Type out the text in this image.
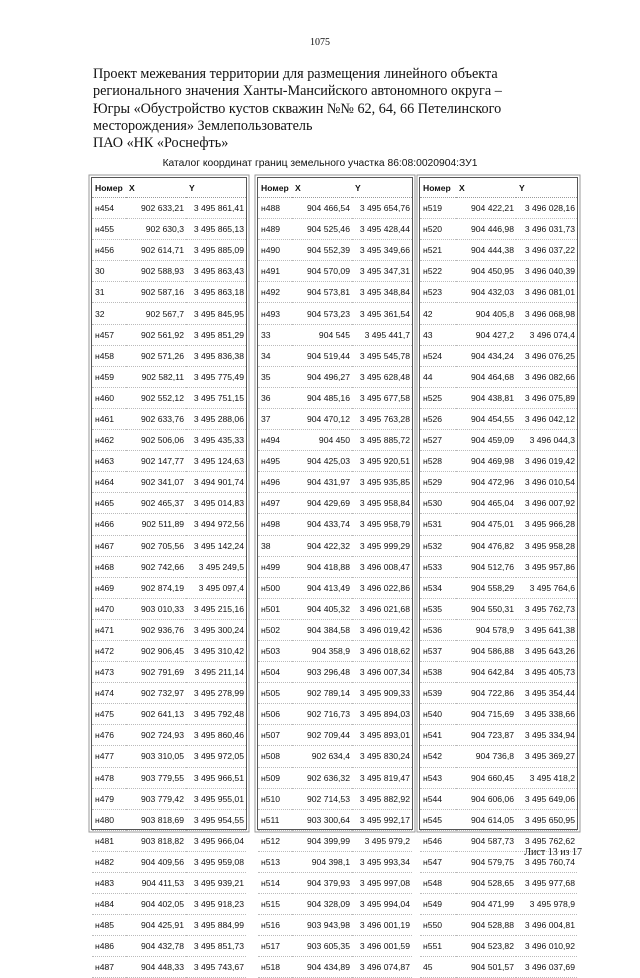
1075
Проект межевания территории для размещения линейного объекта
регионального значения Ханты-Мансийского автономного округа –
Югры «Обустройство кустов скважин №№ 62, 64, 66 Петелинского
месторождения» Землепользователь
ПАО «НК «Роснефть»
Каталог координат границ земельного участка 86:08:0020904:ЗУ1
Номер	X	Y
н454	902 633,21	3 495 861,41
н455	902 630,3	3 495 865,13
н456	902 614,71	3 495 885,09
30	902 588,93	3 495 863,43
31	902 587,16	3 495 863,18
32	902 567,7	3 495 845,95
н457	902 561,92	3 495 851,29
н458	902 571,26	3 495 836,38
н459	902 582,11	3 495 775,49
н460	902 552,12	3 495 751,15
н461	902 633,76	3 495 288,06
н462	902 506,06	3 495 435,33
н463	902 147,77	3 495 124,63
н464	902 341,07	3 494 901,74
н465	902 465,37	3 495 014,83
н466	902 511,89	3 494 972,56
н467	902 705,56	3 495 142,24
н468	902 742,66	3 495 249,5
н469	902 874,19	3 495 097,4
н470	903 010,33	3 495 215,16
н471	902 936,76	3 495 300,24
н472	902 906,45	3 495 310,42
н473	902 791,69	3 495 211,14
н474	902 732,97	3 495 278,99
н475	902 641,13	3 495 792,48
н476	902 724,93	3 495 860,46
н477	903 310,05	3 495 972,05
н478	903 779,55	3 495 966,51
н479	903 779,42	3 495 955,01
н480	903 818,69	3 495 954,55
н481	903 818,82	3 495 966,04
н482	904 409,56	3 495 959,08
н483	904 411,53	3 495 939,21
н484	904 402,05	3 495 918,23
н485	904 425,91	3 495 884,99
н486	904 432,78	3 495 851,73
н487	904 448,33	3 495 743,67
Номер	X	Y
н488	904 466,54	3 495 654,76
н489	904 525,46	3 495 428,44
н490	904 552,39	3 495 349,66
н491	904 570,09	3 495 347,31
н492	904 573,81	3 495 348,84
н493	904 573,23	3 495 361,54
33	904 545	3 495 441,7
34	904 519,44	3 495 545,78
35	904 496,27	3 495 628,48
36	904 485,16	3 495 677,58
37	904 470,12	3 495 763,28
н494	904 450	3 495 885,72
н495	904 425,03	3 495 920,51
н496	904 431,97	3 495 935,85
н497	904 429,69	3 495 958,84
н498	904 433,74	3 495 958,79
38	904 422,32	3 495 999,29
н499	904 418,88	3 496 008,47
н500	904 413,49	3 496 022,86
н501	904 405,32	3 496 021,68
н502	904 384,58	3 496 019,42
н503	904 358,9	3 496 018,62
н504	903 296,48	3 496 007,34
н505	902 789,14	3 495 909,33
н506	902 716,73	3 495 894,03
н507	902 709,44	3 495 893,01
н508	902 634,4	3 495 830,24
н509	902 636,32	3 495 819,47
н510	902 714,53	3 495 882,92
н511	903 300,64	3 495 992,17
н512	904 399,99	3 495 979,2
н513	904 398,1	3 495 993,34
н514	904 379,93	3 495 997,08
н515	904 328,09	3 495 994,04
н516	903 943,98	3 496 001,19
н517	903 605,35	3 496 001,59
н518	904 434,89	3 496 074,87
Номер	X	Y
н519	904 422,21	3 496 028,16
н520	904 446,98	3 496 031,73
н521	904 444,38	3 496 037,22
н522	904 450,95	3 496 040,39
н523	904 432,03	3 496 081,01
42	904 405,8	3 496 068,98
43	904 427,2	3 496 074,4
н524	904 434,24	3 496 076,25
44	904 464,68	3 496 082,66
н525	904 438,81	3 496 075,89
н526	904 454,55	3 496 042,12
н527	904 459,09	3 496 044,3
н528	904 469,98	3 496 019,42
н529	904 472,96	3 496 010,54
н530	904 465,04	3 496 007,92
н531	904 475,01	3 495 966,28
н532	904 476,82	3 495 958,28
н533	904 512,76	3 495 957,86
н534	904 558,29	3 495 764,6
н535	904 550,31	3 495 762,73
н536	904 578,9	3 495 641,38
н537	904 586,88	3 495 643,26
н538	904 642,84	3 495 405,73
н539	904 722,86	3 495 354,44
н540	904 715,69	3 495 338,66
н541	904 723,87	3 495 334,94
н542	904 736,8	3 495 369,27
н543	904 660,45	3 495 418,2
н544	904 606,06	3 495 649,06
н545	904 614,05	3 495 650,95
н546	904 587,73	3 495 762,62
н547	904 579,75	3 495 760,74
н548	904 528,65	3 495 977,68
н549	904 471,99	3 495 978,9
н550	904 528,88	3 496 004,81
н551	904 523,82	3 496 010,92
45	904 501,57	3 496 037,69
Лист 13 из 17
